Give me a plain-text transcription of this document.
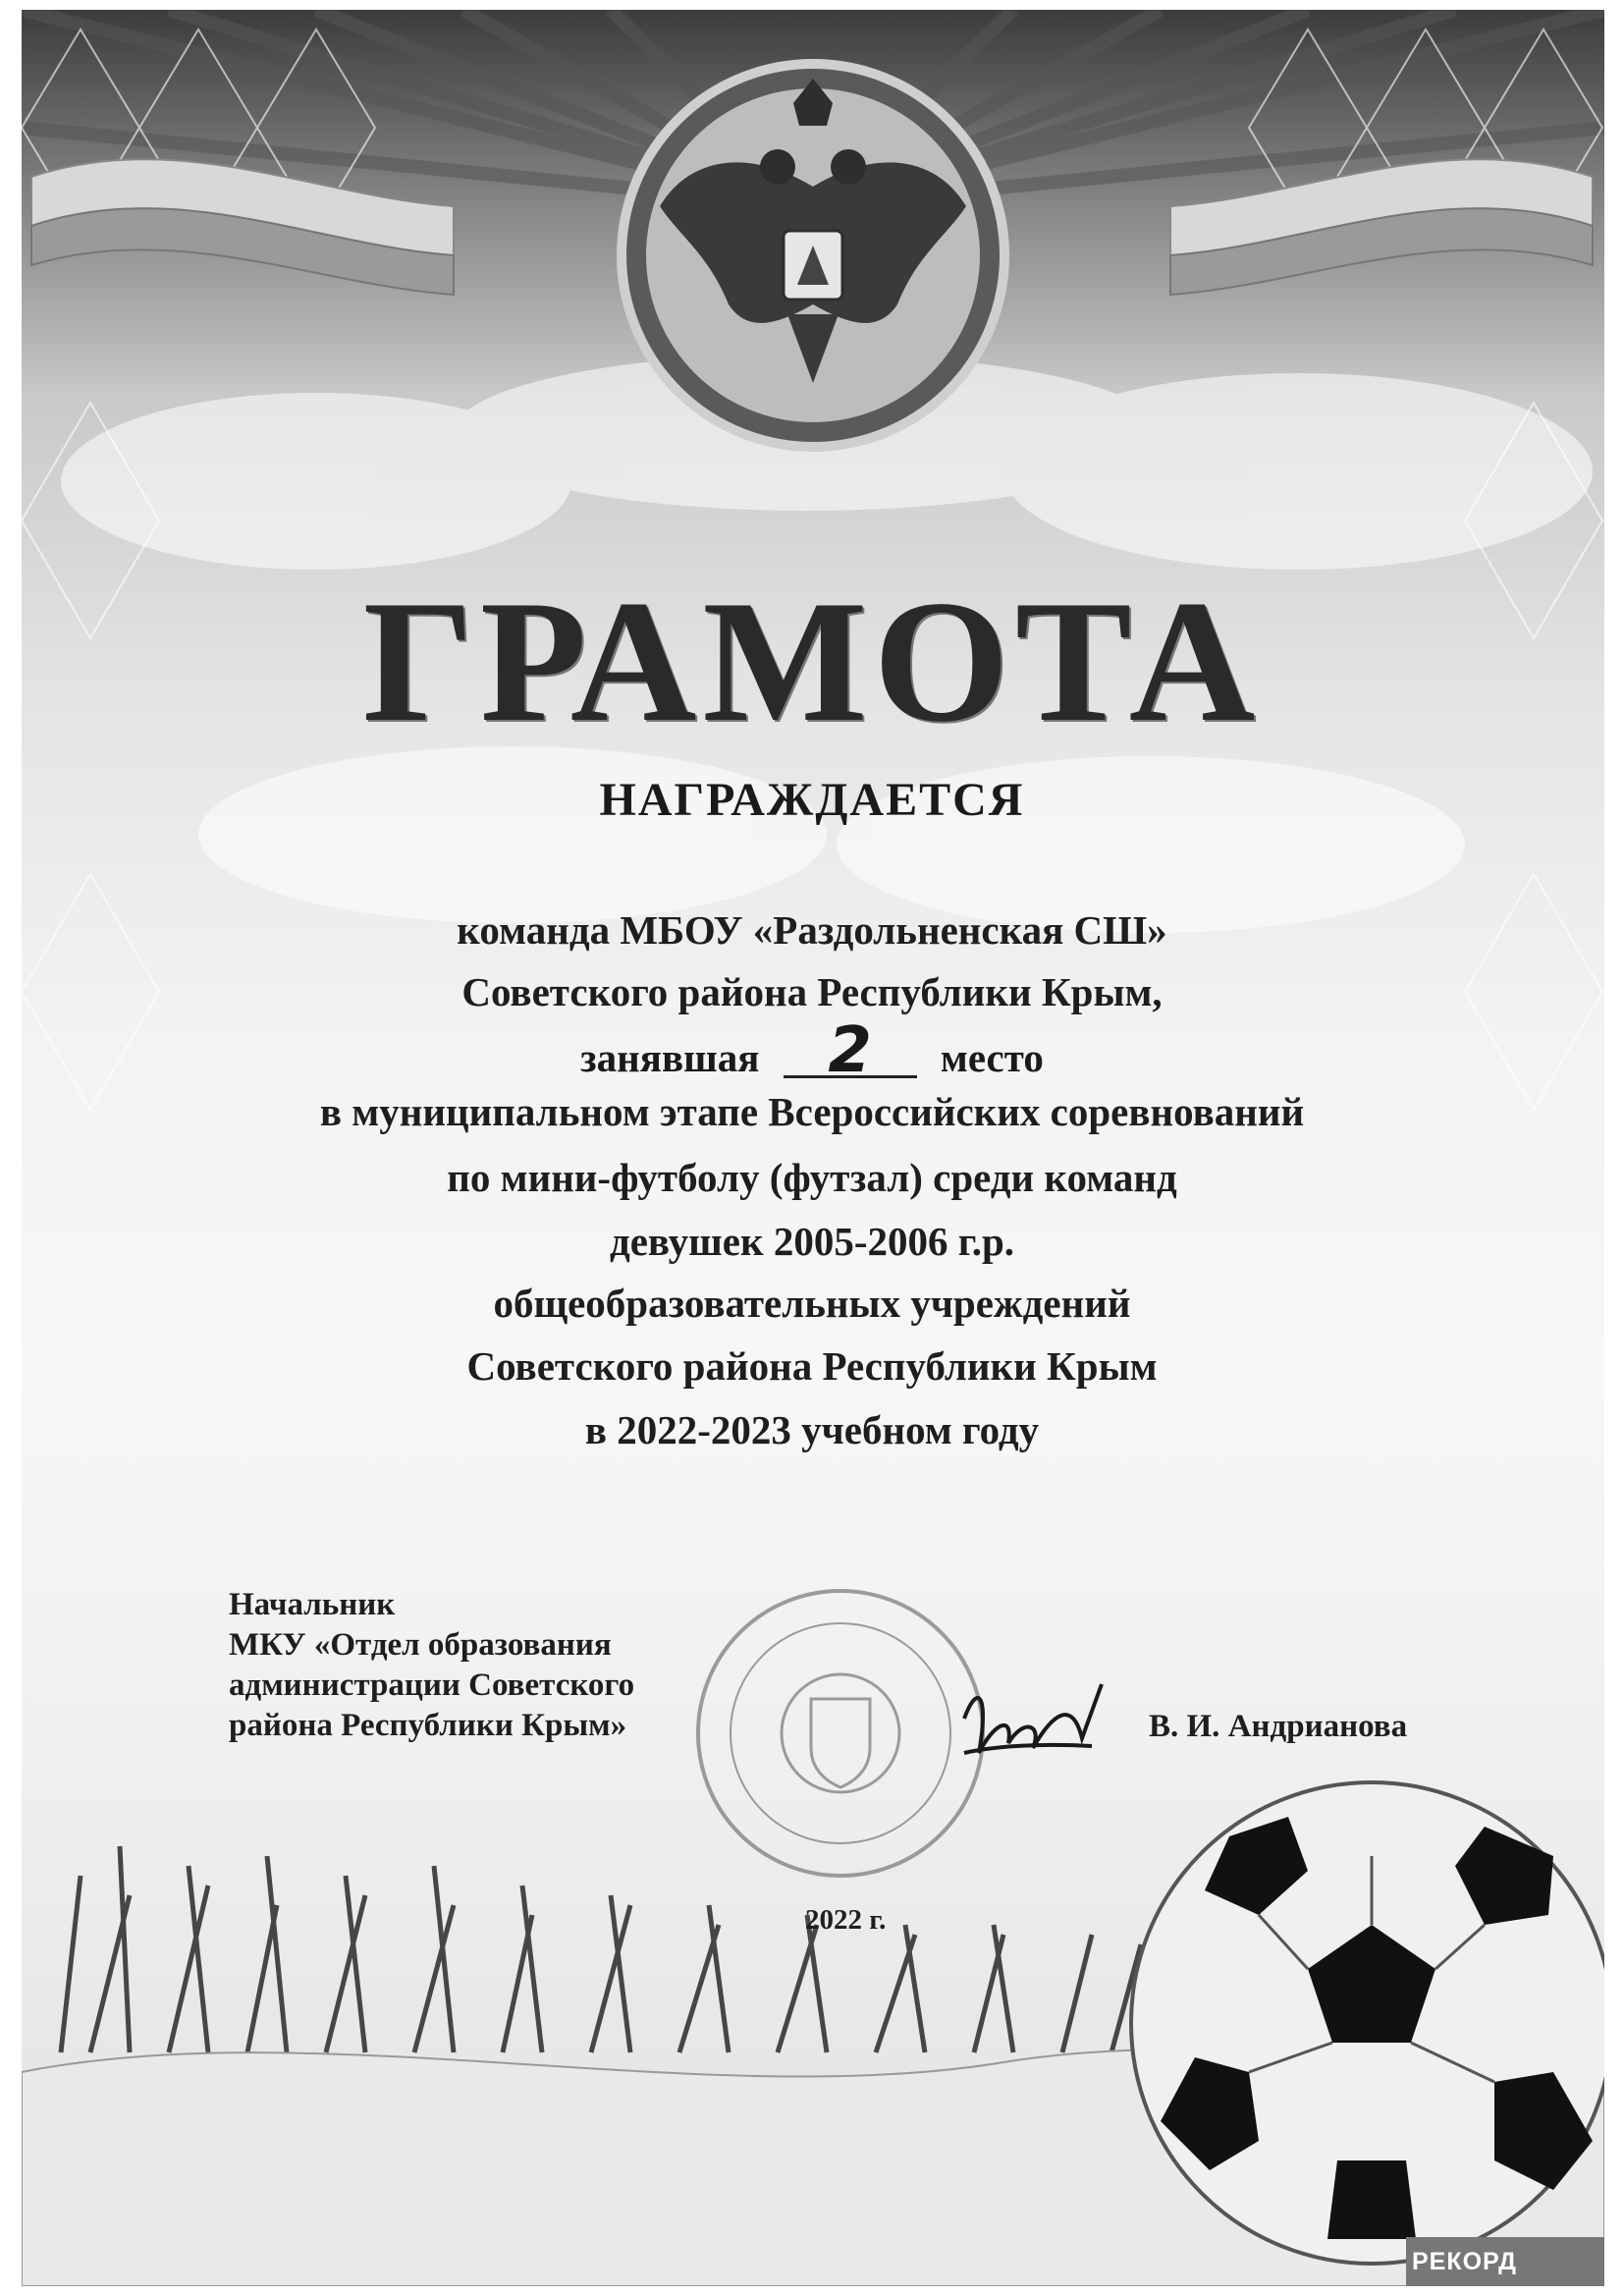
ГРАМОТА
НАГРАЖДАЕТСЯ
команда МБОУ «Раздольненская СШ»
Советского района Республики Крым,
занявшая 2 место
в муниципальном этапе Всероссийских соревнований
по мини-футболу (футзал) среди команд
девушек 2005-2006 г.р.
общеобразовательных учреждений
Советского района Республики Крым
в 2022-2023 учебном году
Начальник
МКУ «Отдел образования
администрации Советского
района Республики Крым»	В. И. Андрианова
2022 г.
РЕКОРД
